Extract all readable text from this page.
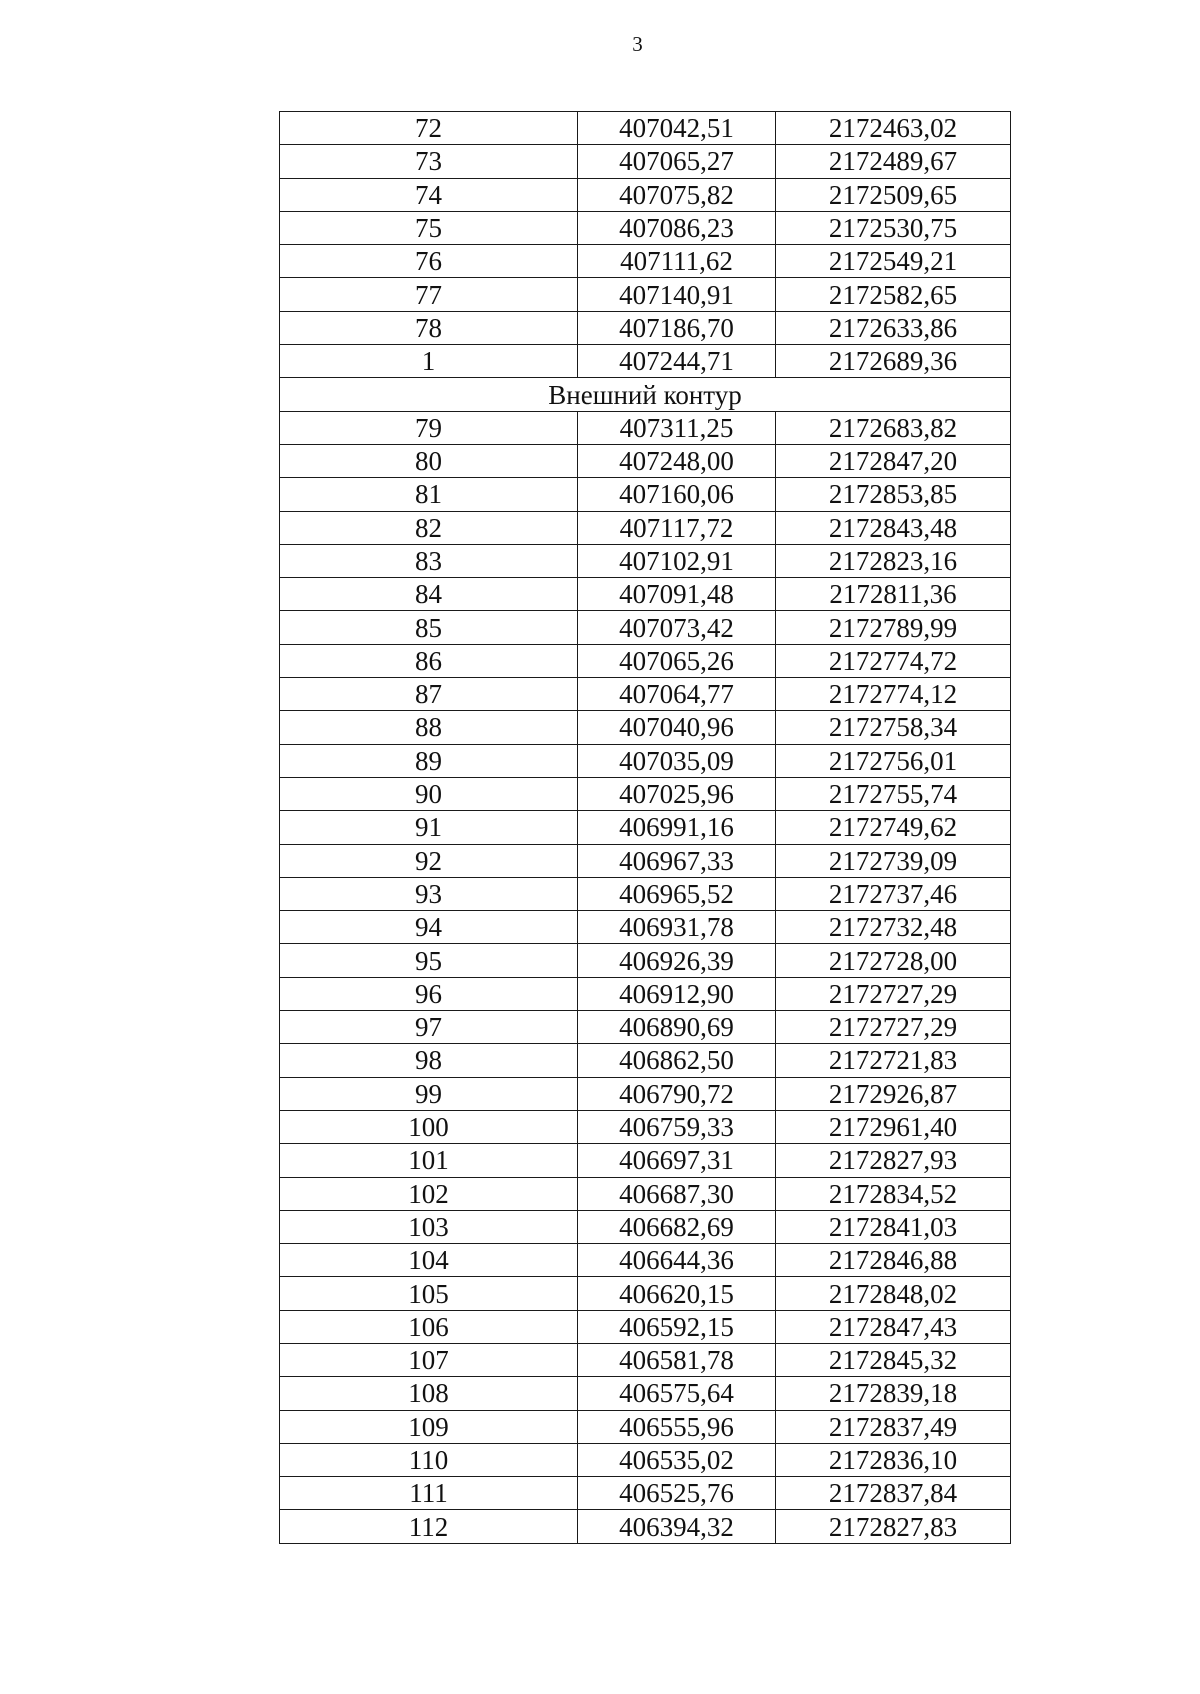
3
72	407042,51	2172463,02
73	407065,27	2172489,67
74	407075,82	2172509,65
75	407086,23	2172530,75
76	407111,62	2172549,21
77	407140,91	2172582,65
78	407186,70	2172633,86
1	407244,71	2172689,36
Внешний контур		
79	407311,25	2172683,82
80	407248,00	2172847,20
81	407160,06	2172853,85
82	407117,72	2172843,48
83	407102,91	2172823,16
84	407091,48	2172811,36
85	407073,42	2172789,99
86	407065,26	2172774,72
87	407064,77	2172774,12
88	407040,96	2172758,34
89	407035,09	2172756,01
90	407025,96	2172755,74
91	406991,16	2172749,62
92	406967,33	2172739,09
93	406965,52	2172737,46
94	406931,78	2172732,48
95	406926,39	2172728,00
96	406912,90	2172727,29
97	406890,69	2172727,29
98	406862,50	2172721,83
99	406790,72	2172926,87
100	406759,33	2172961,40
101	406697,31	2172827,93
102	406687,30	2172834,52
103	406682,69	2172841,03
104	406644,36	2172846,88
105	406620,15	2172848,02
106	406592,15	2172847,43
107	406581,78	2172845,32
108	406575,64	2172839,18
109	406555,96	2172837,49
110	406535,02	2172836,10
111	406525,76	2172837,84
112	406394,32	2172827,83
